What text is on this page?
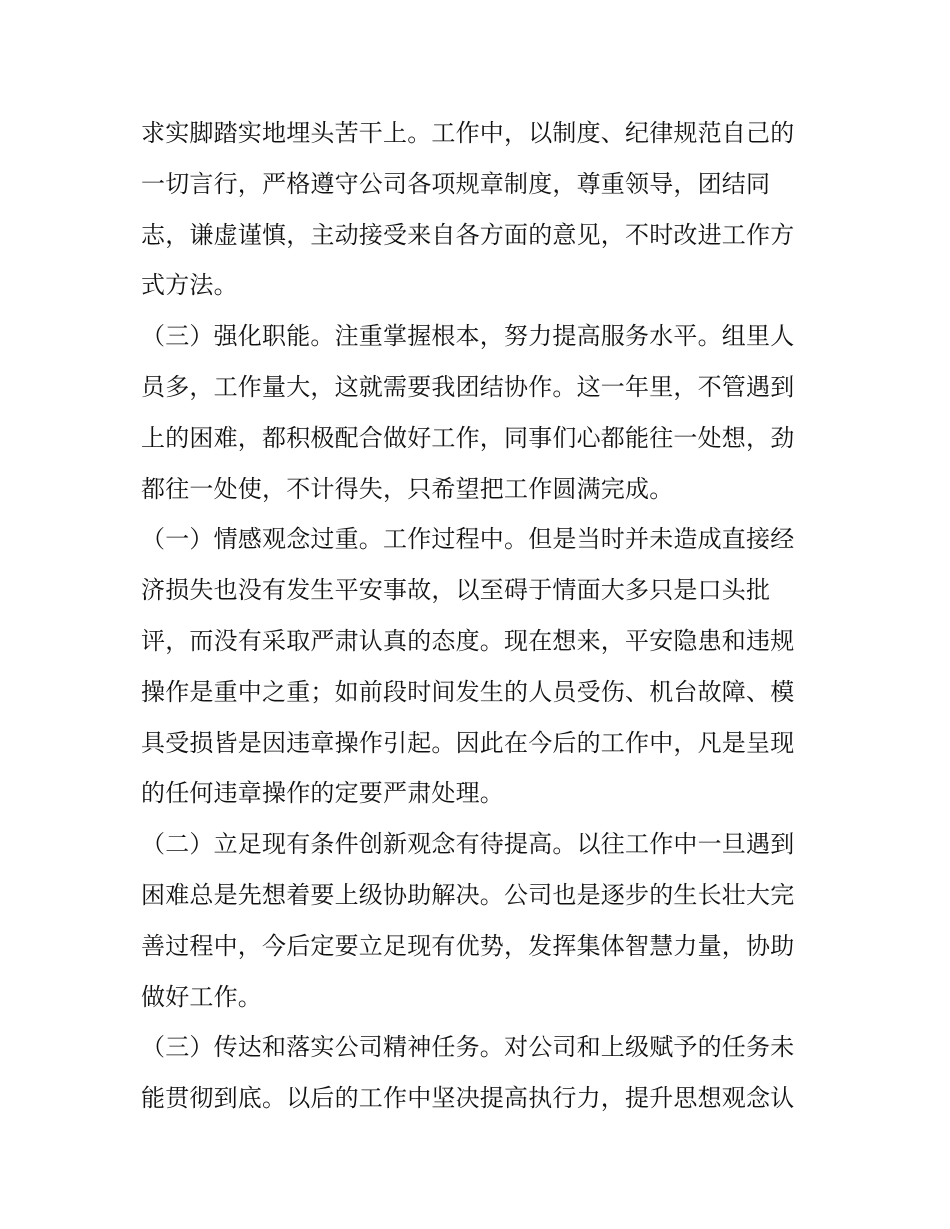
求实脚踏实地埋头苦干上。工作中，以制度、纪律规范自己的
一切言行，严格遵守公司各项规章制度，尊重领导，团结同
志，谦虚谨慎，主动接受来自各方面的意见，不时改进工作方
式方法。
（三）强化职能。注重掌握根本，努力提高服务水平。组里人
员多，工作量大，这就需要我团结协作。这一年里，不管遇到
上的困难，都积极配合做好工作，同事们心都能往一处想，劲
都往一处使，不计得失，只希望把工作圆满完成。
（一）情感观念过重。工作过程中。但是当时并未造成直接经
济损失也没有发生平安事故，以至碍于情面大多只是口头批
评，而没有采取严肃认真的态度。现在想来，平安隐患和违规
操作是重中之重；如前段时间发生的人员受伤、机台故障、模
具受损皆是因违章操作引起。因此在今后的工作中，凡是呈现
的任何违章操作的定要严肃处理。
（二）立足现有条件创新观念有待提高。以往工作中一旦遇到
困难总是先想着要上级协助解决。公司也是逐步的生长壮大完
善过程中，今后定要立足现有优势，发挥集体智慧力量，协助
做好工作。
（三）传达和落实公司精神任务。对公司和上级赋予的任务未
能贯彻到底。以后的工作中坚决提高执行力，提升思想观念认
